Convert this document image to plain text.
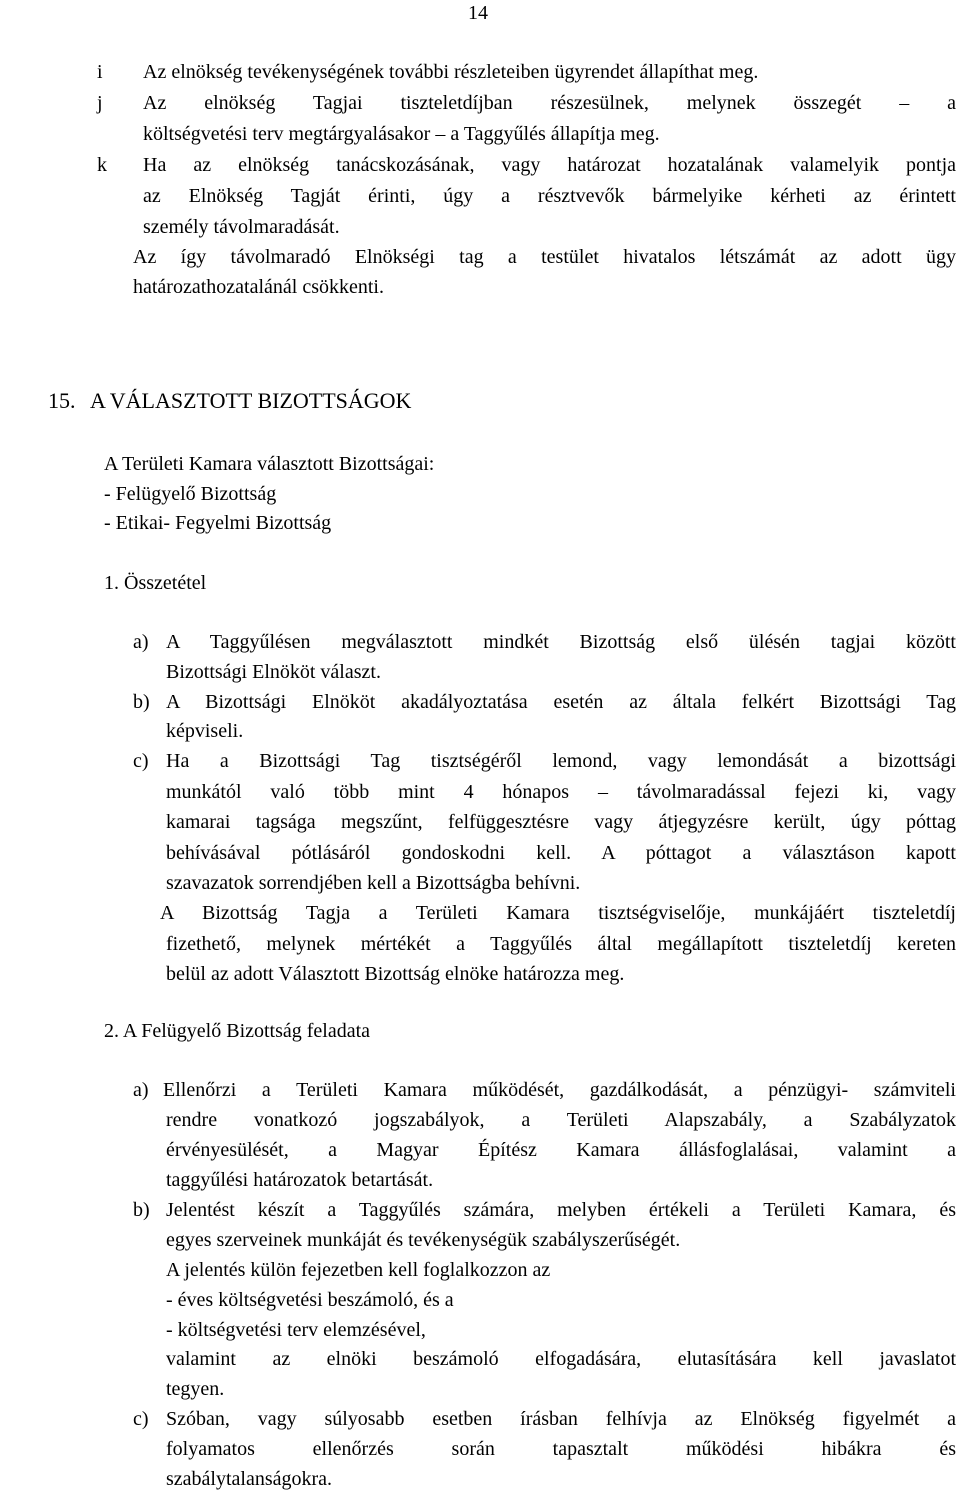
14
i Az elnökség tevékenységének további részleteiben ügyrendet állapíthat meg.
j Az elnökség Tagjai tiszteletdíjban részesülnek, melynek összegét – a
költségvetési terv megtárgyalásakor – a Taggyűlés állapítja meg.
k Ha az elnökség tanácskozásának, vagy határozat hozatalának valamelyik pontja
az Elnökség Tagját érinti, úgy a résztvevők bármelyike kérheti az érintett
személy távolmaradását.
Az így távolmaradó Elnökségi tag a testület hivatalos létszámát az adott ügy
határozathozatalánál csökkenti.
15. A VÁLASZTOTT BIZOTTSÁGOK
A Területi Kamara választott Bizottságai:
- Felügyelő Bizottság
- Etikai- Fegyelmi Bizottság
1. Összetétel
a) A Taggyűlésen megválasztott mindkét Bizottság első ülésén tagjai között
Bizottsági Elnököt választ.
b) A Bizottsági Elnököt akadályoztatása esetén az általa felkért Bizottsági Tag
képviseli.
c) Ha a Bizottsági Tag tisztségéről lemond, vagy lemondását a bizottsági
munkától való több mint 4 hónapos – távolmaradással fejezi ki, vagy
kamarai tagsága megszűnt, felfüggesztésre vagy átjegyzésre került, úgy póttag
behívásával pótlásáról gondoskodni kell. A póttagot a választáson kapott
szavazatok sorrendjében kell a Bizottságba behívni.
A Bizottság Tagja a Területi Kamara tisztségviselője, munkájáért tiszteletdíj
fizethető, melynek mértékét a Taggyűlés által megállapított tiszteletdíj kereten
belül az adott Választott Bizottság elnöke határozza meg.
2. A Felügyelő Bizottság feladata
a) Ellenőrzi a Területi Kamara működését, gazdálkodását, a pénzügyi- számviteli
rendre vonatkozó jogszabályok, a Területi Alapszabály, a Szabályzatok
érvényesülését, a Magyar Építész Kamara állásfoglalásai, valamint a
taggyűlési határozatok betartását.
b) Jelentést készít a Taggyűlés számára, melyben értékeli a Területi Kamara, és
egyes szerveinek munkáját és tevékenységük szabályszerűségét.
A jelentés külön fejezetben kell foglalkozzon az
- éves költségvetési beszámoló, és a
- költségvetési terv elemzésével,
valamint az elnöki beszámoló elfogadására, elutasítására kell javaslatot
tegyen.
c) Szóban, vagy súlyosabb esetben írásban felhívja az Elnökség figyelmét a
folyamatos ellenőrzés során tapasztalt működési hibákra és
szabálytalanságokra.
